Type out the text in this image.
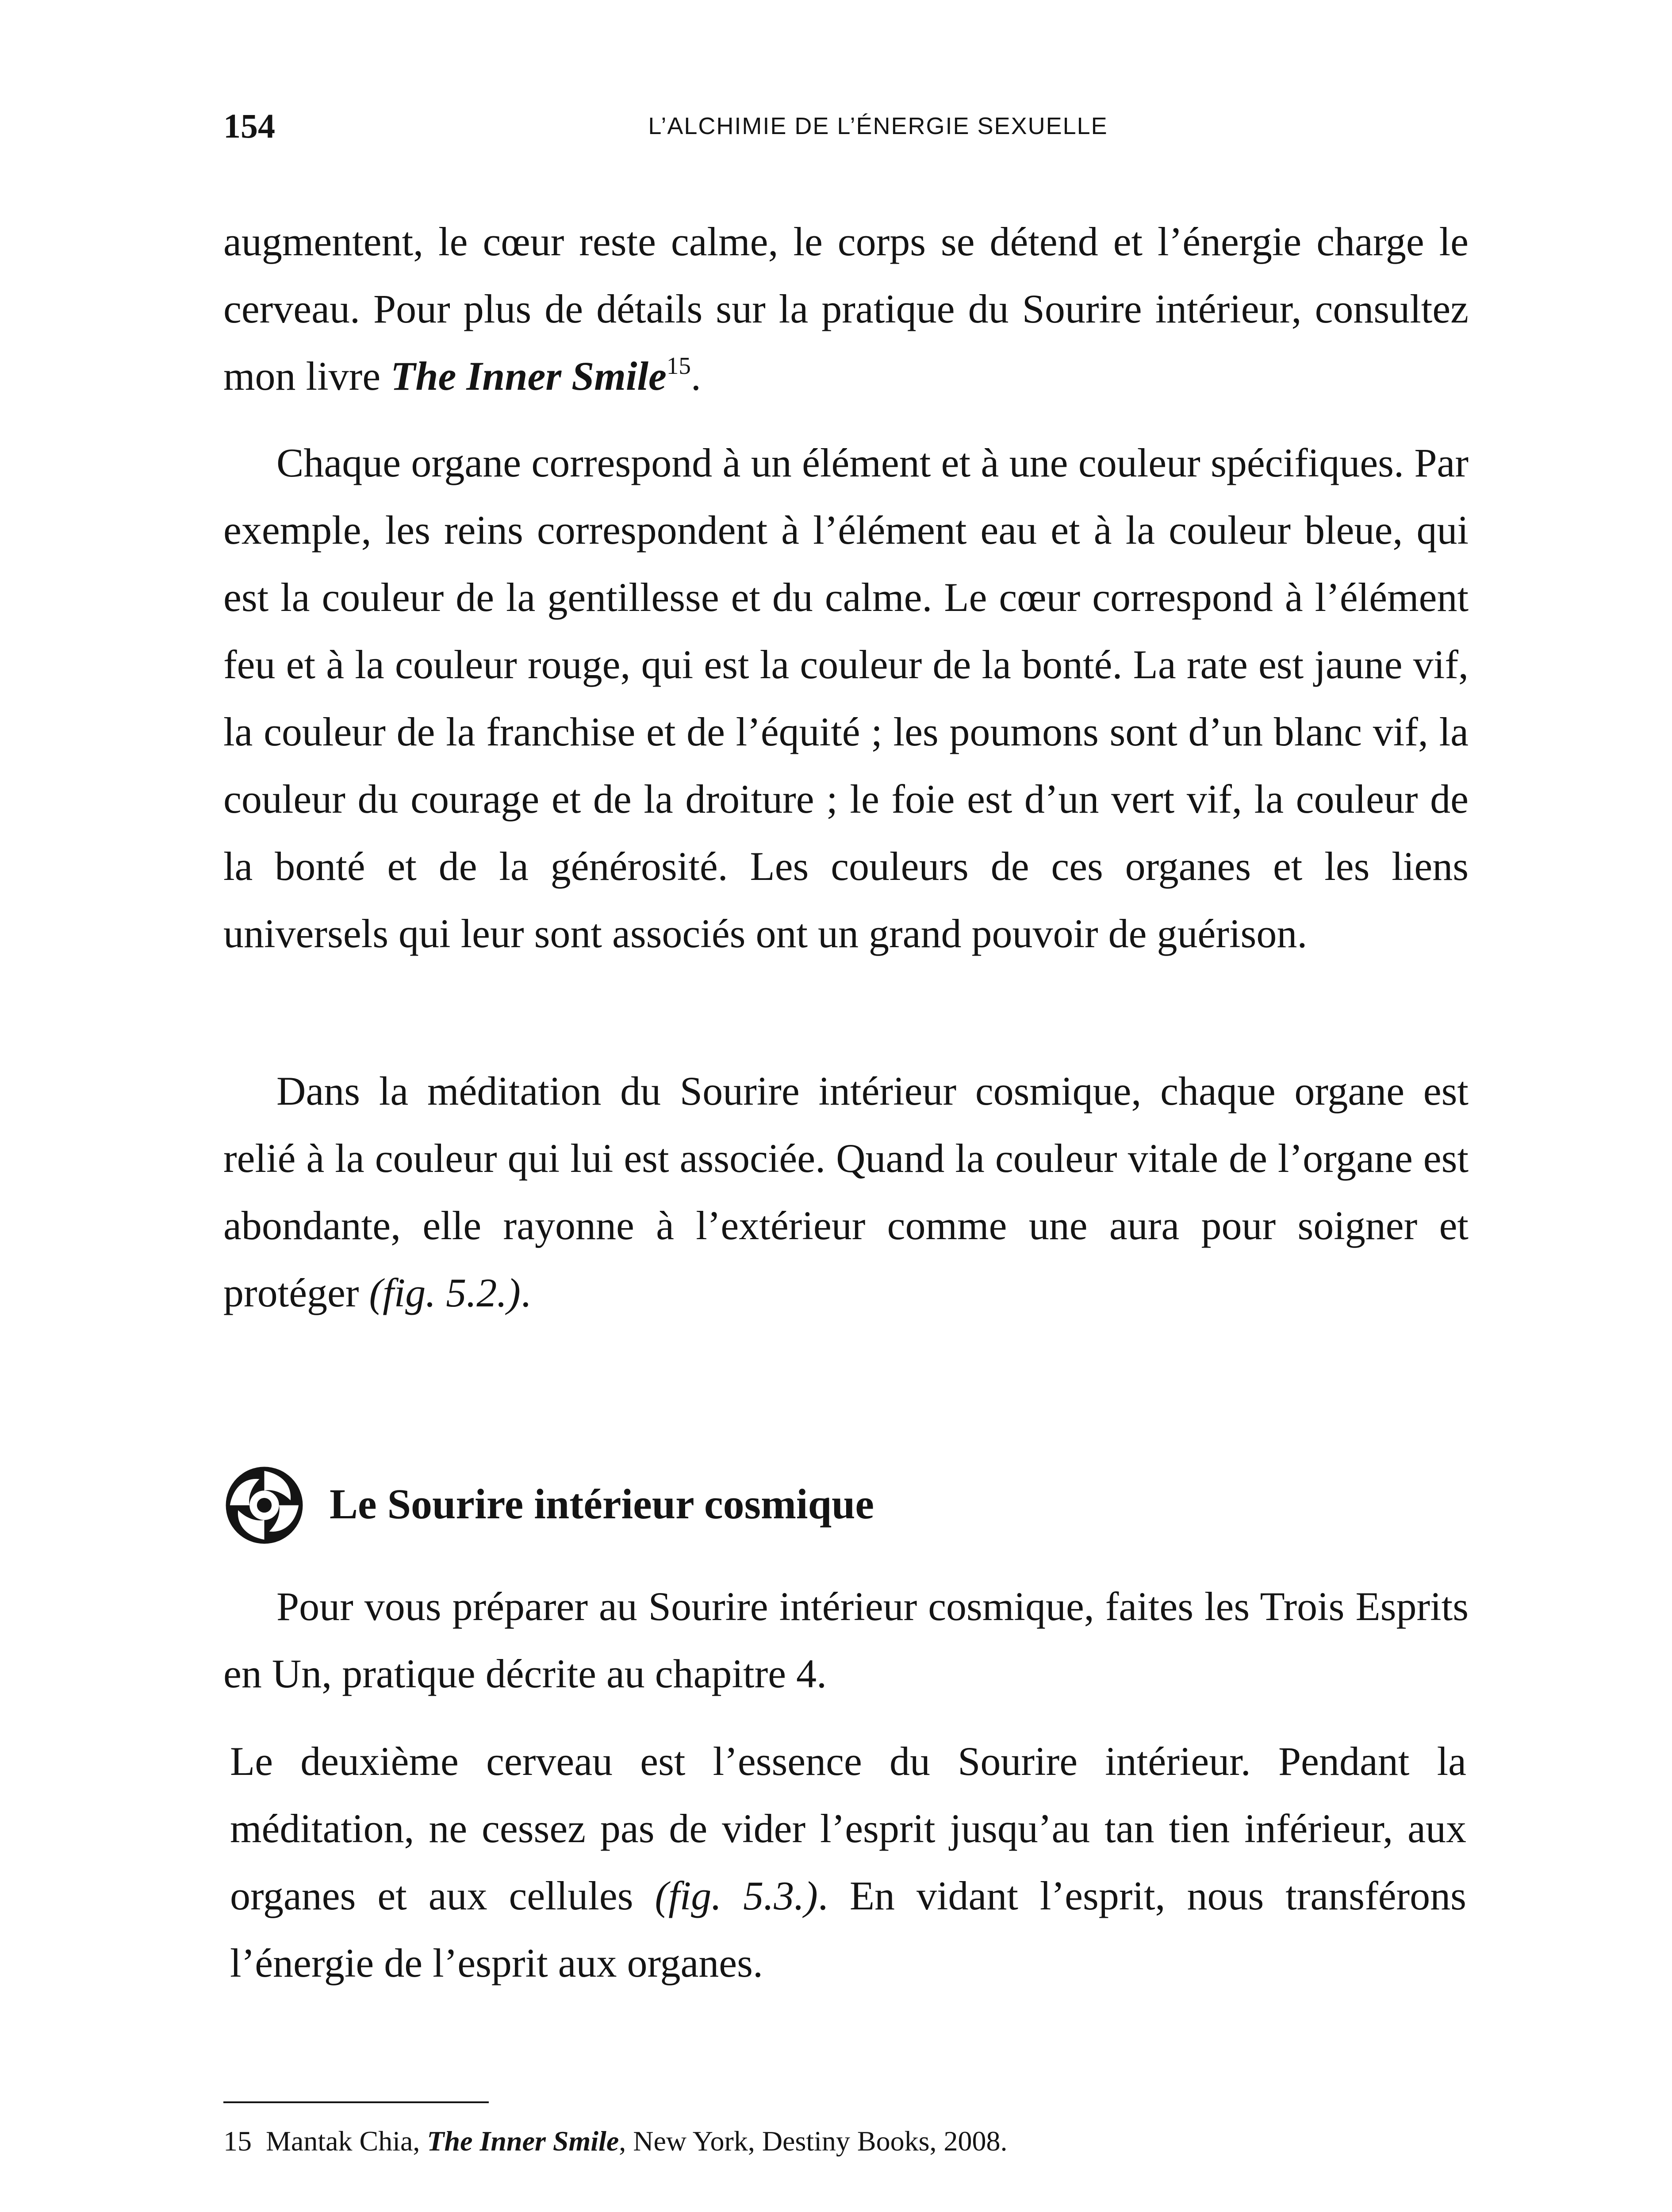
154	L’ALCHIMIE DE L’ÉNERGIE SEXUELLE

augmentent, le cœur reste calme, le corps se détend et l’énergie charge le cerveau. Pour plus de détails sur la pratique du Sourire intérieur, consultez mon livre The Inner Smile$^{15}$.

Chaque organe correspond à un élément et à une couleur spécifiques. Par exemple, les reins correspondent à l’élément eau et à la couleur bleue, qui est la couleur de la gentillesse et du calme. Le cœur correspond à l’élément feu et à la couleur rouge, qui est la couleur de la bonté. La rate est jaune vif, la couleur de la franchise et de l’équité ; les poumons sont d’un blanc vif, la couleur du courage et de la droiture ; le foie est d’un vert vif, la couleur de la bonté et de la générosité. Les couleurs de ces organes et les liens universels qui leur sont associés ont un grand pouvoir de guérison.

Dans la méditation du Sourire intérieur cosmique, chaque organe est relié à la couleur qui lui est associée. Quand la couleur vitale de l’organe est abondante, elle rayonne à l’extérieur comme une aura pour soigner et protéger (fig. 5.2.).

Le Sourire intérieur cosmique

Pour vous préparer au Sourire intérieur cosmique, faites les Trois Esprits en Un, pratique décrite au chapitre 4.

Le deuxième cerveau est l’essence du Sourire intérieur. Pendant la méditation, ne cessez pas de vider l’esprit jusqu’au tan tien inférieur, aux organes et aux cellules (fig. 5.3.). En vidant l’esprit, nous transférons l’énergie de l’esprit aux organes.

15 Mantak Chia, The Inner Smile, New York, Destiny Books, 2008.
